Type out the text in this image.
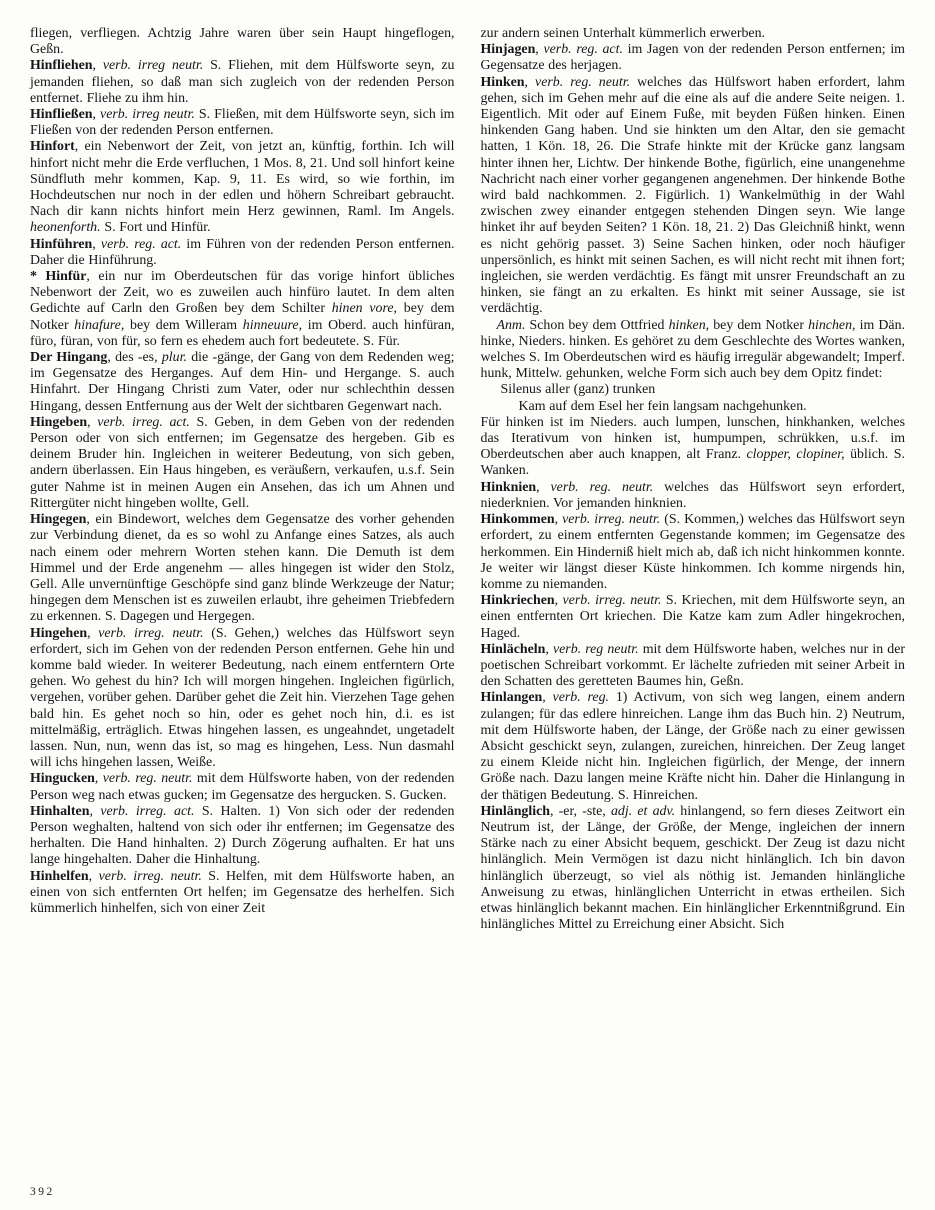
fliegen, verfliegen. Achtzig Jahre waren über sein Haupt hingeflogen, Geßn.

Hinfliehen, verb. irreg neutr. S. Fliehen, mit dem Hülfsworte seyn, zu jemanden fliehen, so daß man sich zugleich von der redenden Person entfernet. Fliehe zu ihm hin.

Hinfließen, verb. irreg neutr. S. Fließen, mit dem Hülfsworte seyn, sich im Fließen von der redenden Person entfernen.

Hinfort, ein Nebenwort der Zeit, von jetzt an, künftig, forthin. Ich will hinfort nicht mehr die Erde verfluchen, 1 Mos. 8, 21. Und soll hinfort keine Sündfluth mehr kommen, Kap. 9, 11. Es wird, so wie forthin, im Hochdeutschen nur noch in der edlen und höhern Schreibart gebraucht. Nach dir kann nichts hinfort mein Herz gewinnen, Raml. Im Angels. heonenforth. S. Fort und Hinfür.

Hinführen, verb. reg. act. im Führen von der redenden Person entfernen. Daher die Hinführung.

* Hinfür, ein nur im Oberdeutschen für das vorige hinfort übliches Nebenwort der Zeit, wo es zuweilen auch hinfüro lautet. In dem alten Gedichte auf Carln den Großen bey dem Schilter hinen vore, bey dem Notker hinafure, bey dem Willeram hinneuure, im Oberd. auch hinfüran, füro, füran, von für, so fern es ehedem auch fort bedeutete. S. Für.

Der Hingang, des -es, plur. die -gänge, der Gang von dem Redenden weg; im Gegensatze des Herganges. Auf dem Hin- und Hergange. S. auch Hinfahrt. Der Hingang Christi zum Vater, oder nur schlechthin dessen Hingang, dessen Entfernung aus der Welt der sichtbaren Gegenwart nach.

Hingeben, verb. irreg. act. S. Geben, in dem Geben von der redenden Person oder von sich entfernen; im Gegensatze des hergeben. Gib es deinem Bruder hin. Ingleichen in weiterer Bedeutung, von sich geben, andern überlassen. Ein Haus hingeben, es veräußern, verkaufen, u.s.f. Sein guter Nahme ist in meinen Augen ein Ansehen, das ich um Ahnen und Rittergüter nicht hingeben wollte, Gell.

Hingegen, ein Bindewort, welches dem Gegensatze des vorher gehenden zur Verbindung dienet, da es so wohl zu Anfange eines Satzes, als auch nach einem oder mehrern Worten stehen kann. Die Demuth ist dem Himmel und der Erde angenehm — alles hingegen ist wider den Stolz, Gell. Alle unvernünftige Geschöpfe sind ganz blinde Werkzeuge der Natur; hingegen dem Menschen ist es zuweilen erlaubt, ihre geheimen Triebfedern zu erkennen. S. Dagegen und Hergegen.

Hingehen, verb. irreg. neutr. (S. Gehen,) welches das Hülfswort seyn erfordert, sich im Gehen von der redenden Person entfernen. Gehe hin und komme bald wieder. In weiterer Bedeutung, nach einem entferntern Orte gehen. Wo gehest du hin? Ich will morgen hingehen. Ingleichen figürlich, vergehen, vorüber gehen. Darüber gehet die Zeit hin. Vierzehen Tage gehen bald hin. Es gehet noch so hin, oder es gehet noch hin, d.i. es ist mittelmäßig, erträglich. Etwas hingehen lassen, es ungeahndet, ungetadelt lassen. Nun, nun, wenn das ist, so mag es hingehen, Less. Nun dasmahl will ichs hingehen lassen, Weiße.

Hingucken, verb. reg. neutr. mit dem Hülfsworte haben, von der redenden Person weg nach etwas gucken; im Gegensatze des hergucken. S. Gucken.

Hinhalten, verb. irreg. act. S. Halten. 1) Von sich oder der redenden Person weghalten, haltend von sich oder ihr entfernen; im Gegensatze des herhalten. Die Hand hinhalten. 2) Durch Zögerung aufhalten. Er hat uns lange hingehalten. Daher die Hinhaltung.

Hinhelfen, verb. irreg. neutr. S. Helfen, mit dem Hülfsworte haben, an einen von sich entfernten Ort helfen; im Gegensatze des herhelfen. Sich kümmerlich hinhelfen, sich von einer Zeit

zur andern seinen Unterhalt kümmerlich erwerben.

Hinjagen, verb. reg. act. im Jagen von der redenden Person entfernen; im Gegensatze des herjagen.

Hinken, verb. reg. neutr. welches das Hülfswort haben erfordert, lahm gehen, sich im Gehen mehr auf die eine als auf die andere Seite neigen. 1. Eigentlich. Mit oder auf Einem Fuße, mit beyden Füßen hinken. Einen hinkenden Gang haben. Und sie hinkten um den Altar, den sie gemacht hatten, 1 Kön. 18, 26. Die Strafe hinkte mit der Krücke ganz langsam hinter ihnen her, Lichtw. Der hinkende Bothe, figürlich, eine unangenehme Nachricht nach einer vorher gegangenen angenehmen. Der hinkende Bothe wird bald nachkommen. 2. Figürlich. 1) Wankelmüthig in der Wahl zwischen zwey einander entgegen stehenden Dingen seyn. Wie lange hinket ihr auf beyden Seiten? 1 Kön. 18, 21. 2) Das Gleichniß hinkt, wenn es nicht gehörig passet. 3) Seine Sachen hinken, oder noch häufiger unpersönlich, es hinkt mit seinen Sachen, es will nicht recht mit ihnen fort; ingleichen, sie werden verdächtig. Es fängt mit unsrer Freundschaft an zu hinken, sie fängt an zu erkalten. Es hinkt mit seiner Aussage, sie ist verdächtig.

Anm. Schon bey dem Ottfried hinken, bey dem Notker hinchen, im Dän. hinke, Nieders. hinken. Es gehöret zu dem Geschlechte des Wortes wanken, welches S. Im Oberdeutschen wird es häufig irregulär abgewandelt; Imperf. hunk, Mittelw. gehunken, welche Form sich auch bey dem Opitz findet:

Silenus aller (ganz) trunken

Kam auf dem Esel her fein langsam nachgehunken.

Für hinken ist im Nieders. auch lumpen, lunschen, hinkhanken, welches das Iterativum von hinken ist, humpumpen, schrükken, u.s.f. im Oberdeutschen aber auch knappen, alt Franz. clopper, clopiner, üblich. S. Wanken.

Hinknien, verb. reg. neutr. welches das Hülfswort seyn erfordert, niederknien. Vor jemanden hinknien.

Hinkommen, verb. irreg. neutr. (S. Kommen,) welches das Hülfswort seyn erfordert, zu einem entfernten Gegenstande kommen; im Gegensatze des herkommen. Ein Hinderniß hielt mich ab, daß ich nicht hinkommen konnte. Je weiter wir längst dieser Küste hinkommen. Ich komme nirgends hin, komme zu niemanden.

Hinkriechen, verb. irreg. neutr. S. Kriechen, mit dem Hülfsworte seyn, an einen entfernten Ort kriechen. Die Katze kam zum Adler hingekrochen, Haged.

Hinlächeln, verb. reg neutr. mit dem Hülfsworte haben, welches nur in der poetischen Schreibart vorkommt. Er lächelte zufrieden mit seiner Arbeit in den Schatten des geretteten Baumes hin, Geßn.

Hinlangen, verb. reg. 1) Activum, von sich weg langen, einem andern zulangen; für das edlere hinreichen. Lange ihm das Buch hin. 2) Neutrum, mit dem Hülfsworte haben, der Länge, der Größe nach zu einer gewissen Absicht geschickt seyn, zulangen, zureichen, hinreichen. Der Zeug langet zu einem Kleide nicht hin. Ingleichen figürlich, der Menge, der innern Größe nach. Dazu langen meine Kräfte nicht hin. Daher die Hinlangung in der thätigen Bedeutung. S. Hinreichen.

Hinlänglich, -er, -ste, adj. et adv. hinlangend, so fern dieses Zeitwort ein Neutrum ist, der Länge, der Größe, der Menge, ingleichen der innern Stärke nach zu einer Absicht bequem, geschickt. Der Zeug ist dazu nicht hinlänglich. Mein Vermögen ist dazu nicht hinlänglich. Ich bin davon hinlänglich überzeugt, so viel als nöthig ist. Jemanden hinlängliche Anweisung zu etwas, hinlänglichen Unterricht in etwas ertheilen. Sich etwas hinlänglich bekannt machen. Ein hinlänglicher Erkenntnißgrund. Ein hinlängliches Mittel zu Erreichung einer Absicht. Sich

392
